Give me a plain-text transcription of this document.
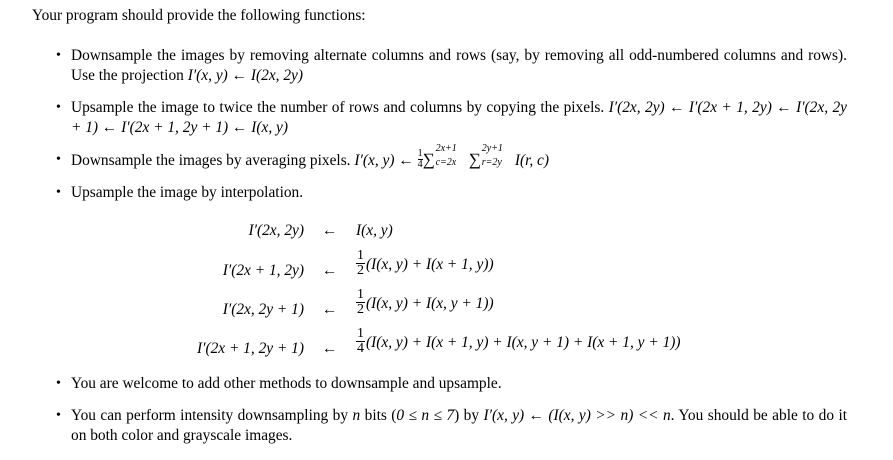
Your program should provide the following functions:
• Downsample the images by removing alternate columns and rows (say, by removing all odd-numbered columns and rows). Use the projection I′(x, y) ← I(2x, 2y)
• Upsample the image to twice the number of rows and columns by copying the pixels. I′(2x, 2y) ← I′(2x + 1, 2y) ← I′(2x, 2y + 1) ← I′(2x + 1, 2y + 1) ← I(x, y)
• Downsample the images by averaging pixels. I′(x, y) ← $\frac{1}{4}$ ∑
2x+1
c=2x ∑
2y+1
r=2y I(r, c)
• Upsample the image by interpolation.
• You are welcome to add other methods to downsample and upsample.
• You can perform intensity downsampling by n bits (0 ≤ n ≤ 7) by I′(x, y) ← (I(x, y) >> n) << n. You should be able to do it on both color and grayscale images.
I′(2x, 2y) ← I(x, y)
I′(2x + 1, 2y) ← $\frac{1}{2} (I(x$, y) + I(x + 1, y))
I′(2x, 2y + 1) ← $\frac{1}{2} (I(x$, y) + I(x, y + 1))
I′(2x + 1, 2y + 1) ← $\frac{1}{4} (I(x$, y) + I(x + 1, y) + I(x, y + 1) + I(x + 1, y + 1))
